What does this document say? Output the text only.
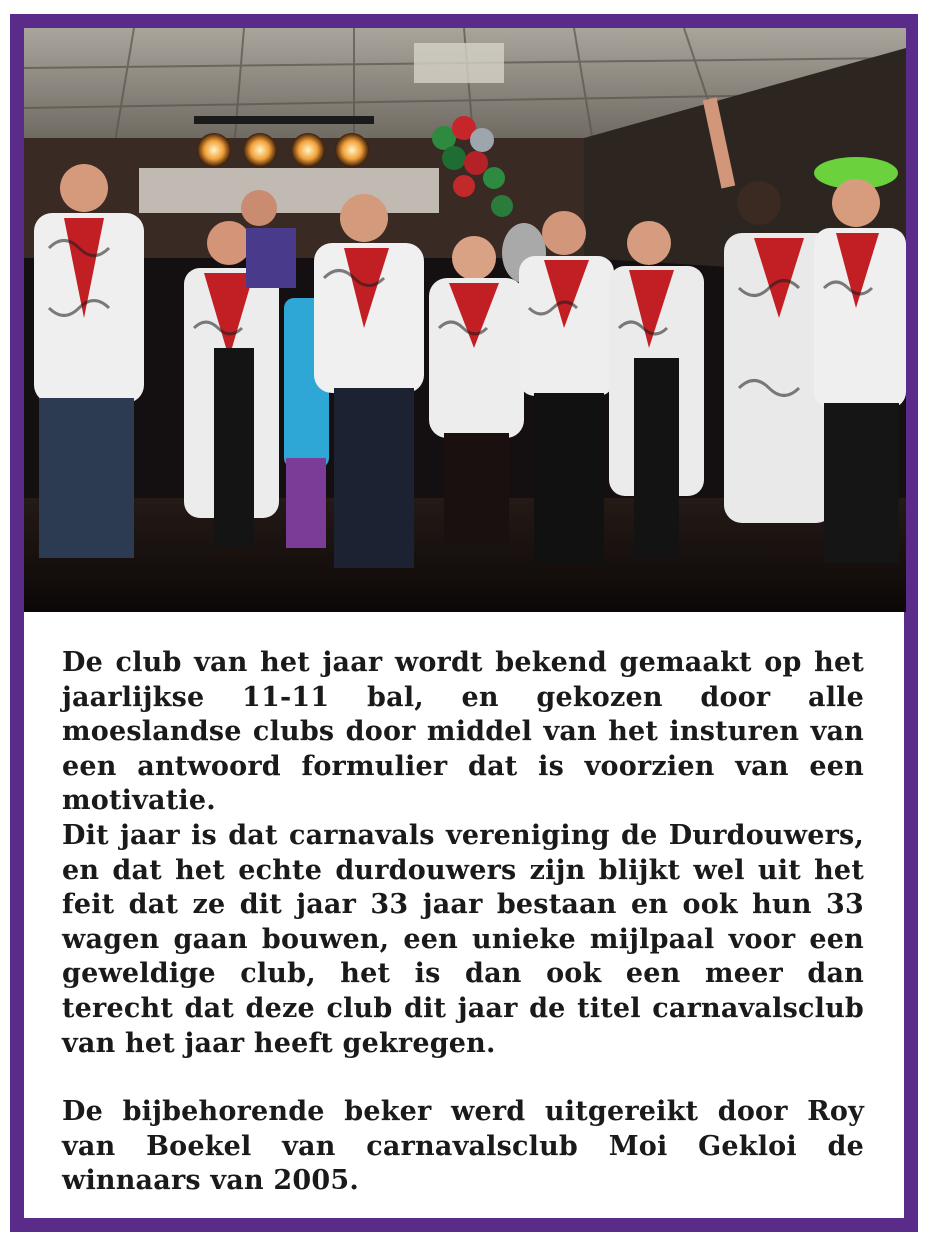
De club van het jaar wordt bekend gemaakt op het jaarlijkse 11-11 bal, en gekozen door alle moeslandse clubs door middel van het insturen van een antwoord formulier dat is voorzien van een motivatie.

Dit jaar is dat carnavals vereniging de Durdouwers, en dat het echte durdouwers zijn blijkt wel uit het feit dat ze dit jaar 33 jaar bestaan en ook hun 33 wagen gaan bouwen, een unieke mijlpaal voor een geweldige club, het is dan ook een meer dan terecht dat deze club dit jaar de titel carnavalsclub van het jaar heeft gekregen.

De bijbehorende beker werd uitgereikt door Roy van Boekel van carnavalsclub Moi Gekloi de winnaars van 2005.
